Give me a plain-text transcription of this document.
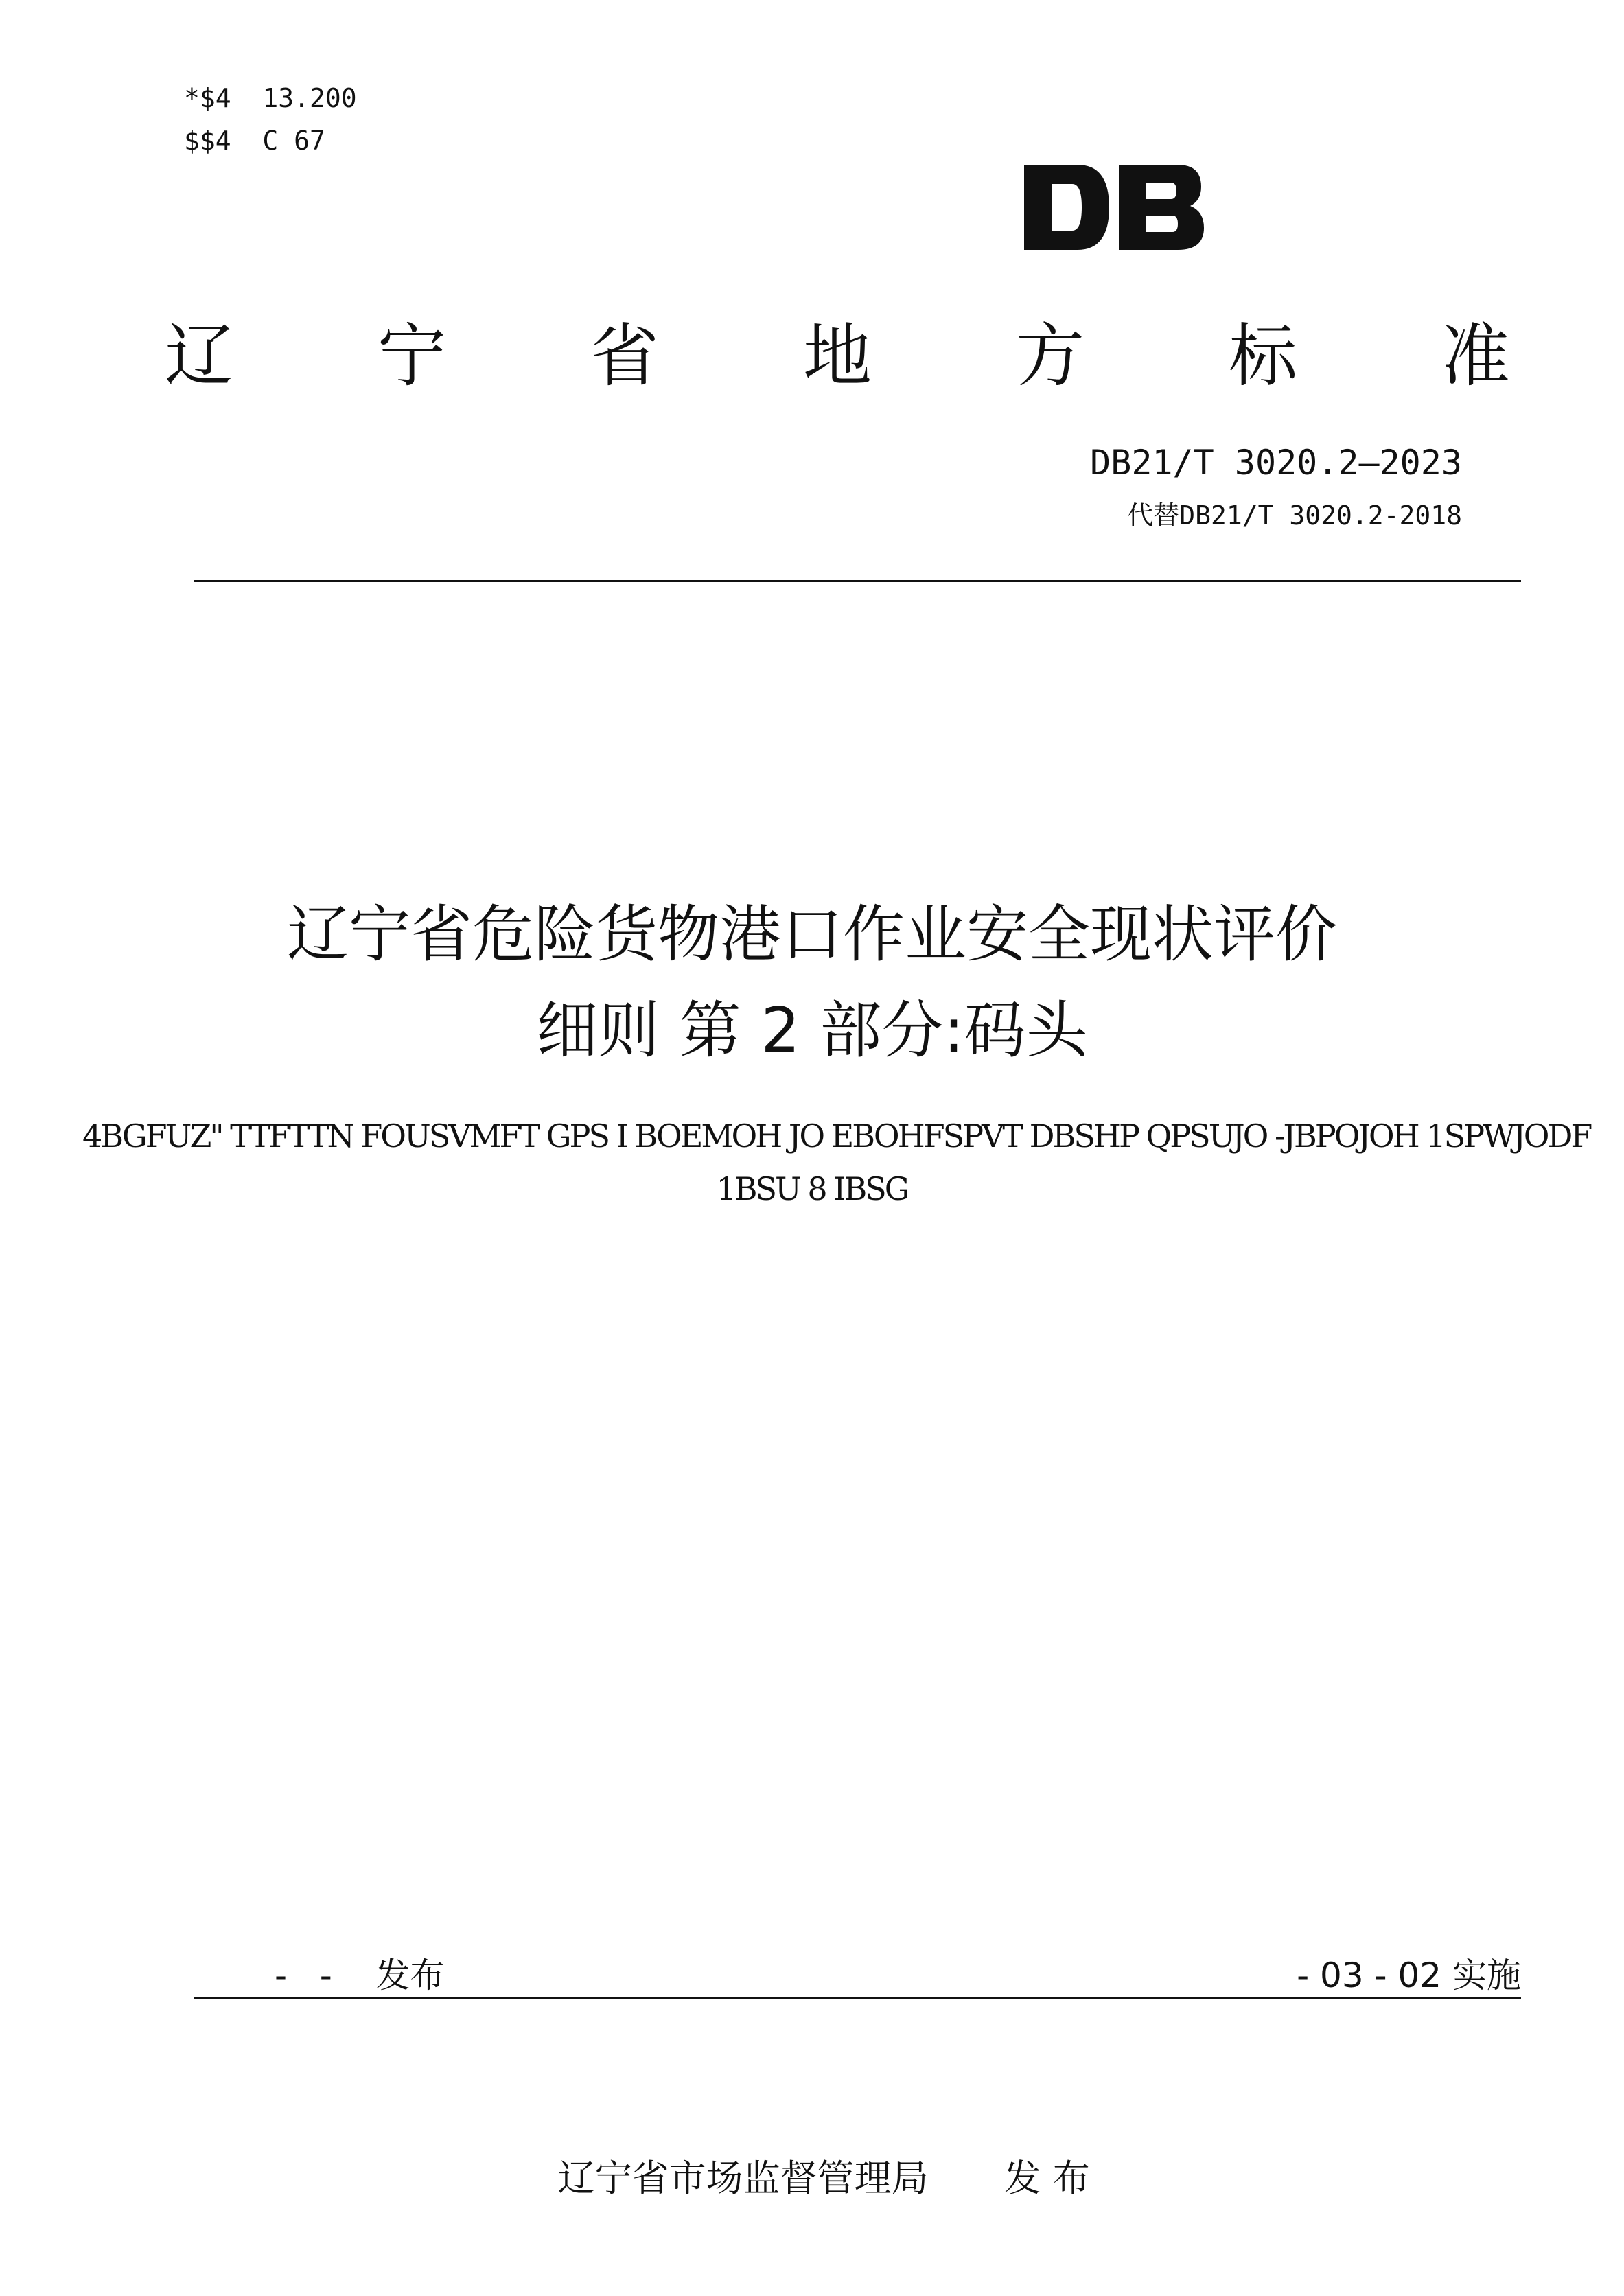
*$4  13.200
$$4  C 67
辽 宁 省 地 方 标 准
DB21/T 3020.2—2023
代替DB21/T 3020.2-2018
辽宁省危险货物港口作业安全现状评价
细则 第 2 部分:码头
4BGFUZ" TTFTTN FOUSVMFT GPS I BOEMOH JO EBOHFSPVT DBSHP QPSUJO -JBPOJOH 1SPWJODF
1BSU 8 IBSG
-   -    发布	- 03 - 02 实施

辽宁省市场监督管理局 发 布
